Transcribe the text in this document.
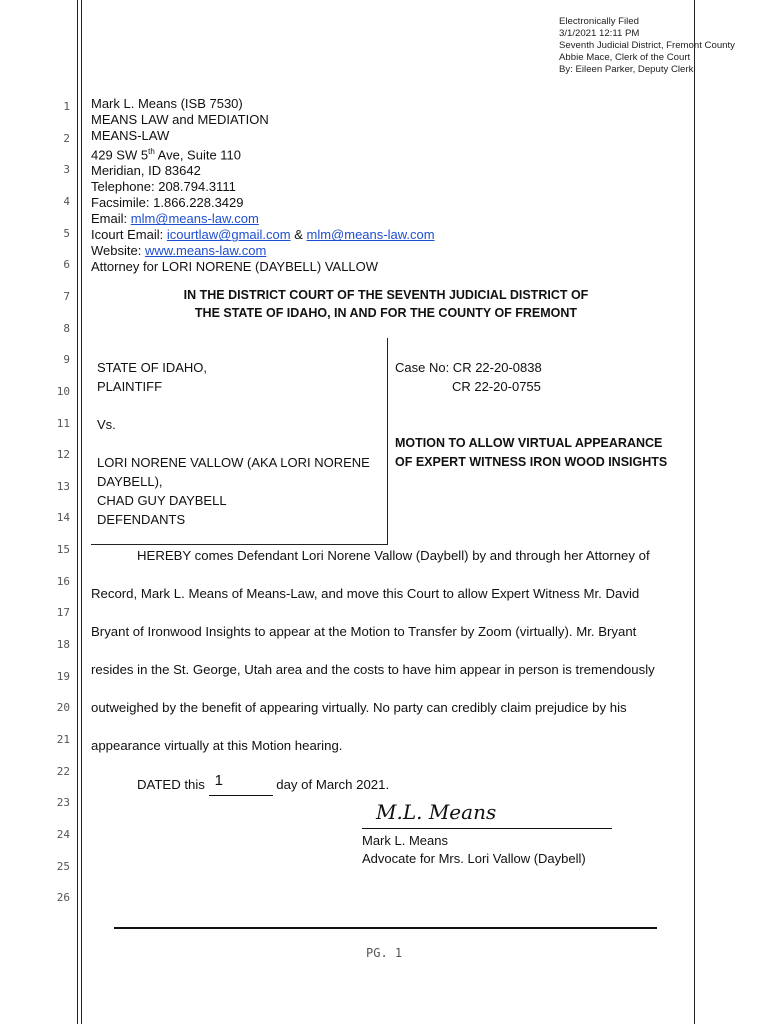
1
2
3
4
5
6
7
8
9
10
11
12
13
14
15
16
17
18
19
20
21
22
23
24
25
26
Electronically Filed
3/1/2021 12:11 PM
Seventh Judicial District, Fremont County
Abbie Mace, Clerk of the Court
By: Eileen Parker, Deputy Clerk
Mark L. Means (ISB 7530)
MEANS LAW and MEDIATION
MEANS-LAW
429 SW 5th Ave, Suite 110
Meridian, ID 83642
Telephone: 208.794.3111
Facsimile: 1.866.228.3429
Email: mlm@means-law.com
Icourt Email: icourtlaw@gmail.com & mlm@means-law.com
Website: www.means-law.com
Attorney for LORI NORENE (DAYBELL) VALLOW
IN THE DISTRICT COURT OF THE SEVENTH JUDICIAL DISTRICT OF
THE STATE OF IDAHO, IN AND FOR THE COUNTY OF FREMONT
STATE OF IDAHO,
PLAINTIFF
Vs.
LORI NORENE VALLOW (AKA LORI NORENE
DAYBELL),
CHAD GUY DAYBELL
DEFENDANTS
Case No: CR 22-20-0838
CR 22-20-0755
MOTION TO ALLOW VIRTUAL APPEARANCE
OF EXPERT WITNESS IRON WOOD INSIGHTS
HEREBY comes Defendant Lori Norene Vallow (Daybell) by and through her Attorney of
Record, Mark L. Means of Means-Law, and move this Court to allow Expert Witness Mr. David
Bryant of Ironwood Insights to appear at the Motion to Transfer by Zoom (virtually). Mr. Bryant
resides in the St. George, Utah area and the costs to have him appear in person is tremendously
outweighed by the benefit of appearing virtually. No party can credibly claim prejudice by his
appearance virtually at this Motion hearing.
DATED this 1	day of March 2021.
M.L. Means
Mark L. Means
Advocate for Mrs. Lori Vallow (Daybell)
PG. 1
